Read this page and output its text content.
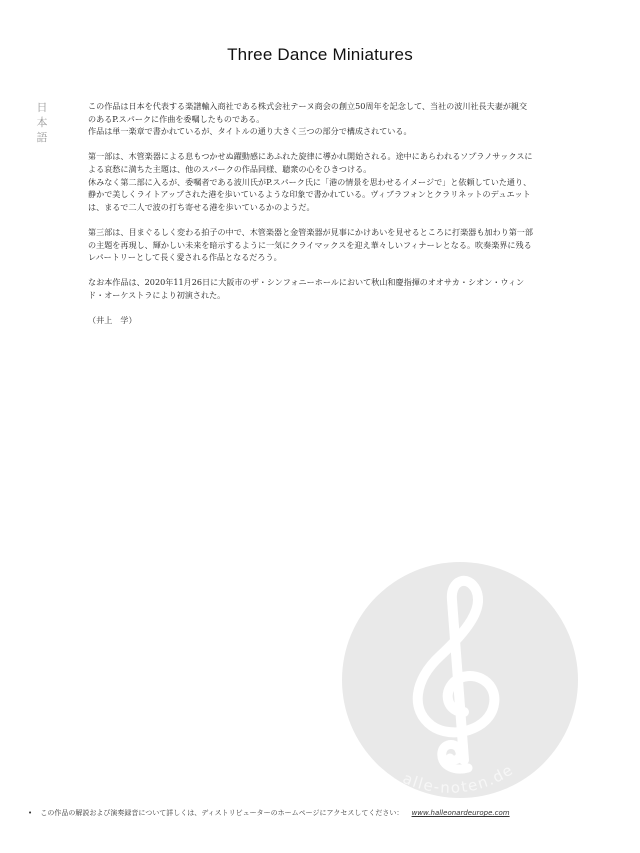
Three Dance Miniatures
日
本
語

この作品は日本を代表する楽譜輸入商社である株式会社テーヌ商会の創立50周年を記念して、当社の波川社長夫妻が親交のあるP.スパークに作曲を委嘱したものである。

作品は単一楽章で書かれているが、タイトルの通り大きく三つの部分で構成されている。

第一部は、木管楽器による息もつかせぬ躍動感にあふれた旋律に導かれ開始される。途中にあらわれるソプラノサックスによる哀愁に満ちた主題は、他のスパークの作品同様、聴衆の心をひきつける。

休みなく第二部に入るが、委嘱者である波川氏がP.スパーク氏に「港の情景を思わせるイメージで」と依頼していた通り、静かで美しくライトアップされた港を歩いているような印象で書かれている。ヴィブラフォンとクラリネットのデュエットは、まるで二人で波の打ち寄せる港を歩いているかのようだ。

第三部は、目まぐるしく変わる拍子の中で、木管楽器と金管楽器が見事にかけあいを見せるところに打楽器も加わり第一部の主題を再現し、輝かしい未来を暗示するように一気にクライマックスを迎え華々しいフィナーレとなる。吹奏楽界に残るレパートリーとして長く愛される作品となるだろう。

なお本作品は、2020年11月26日に大阪市のザ・シンフォニーホールにおいて秋山和慶指揮のオオサカ・シオン・ウィンド・オーケストラにより初演された。

（井上　学）

alle-noten.de
• この作品の解説および演奏録音について詳しくは、ディストリビューターのホームページにアクセスしてください： www.halleonardeurope.com
